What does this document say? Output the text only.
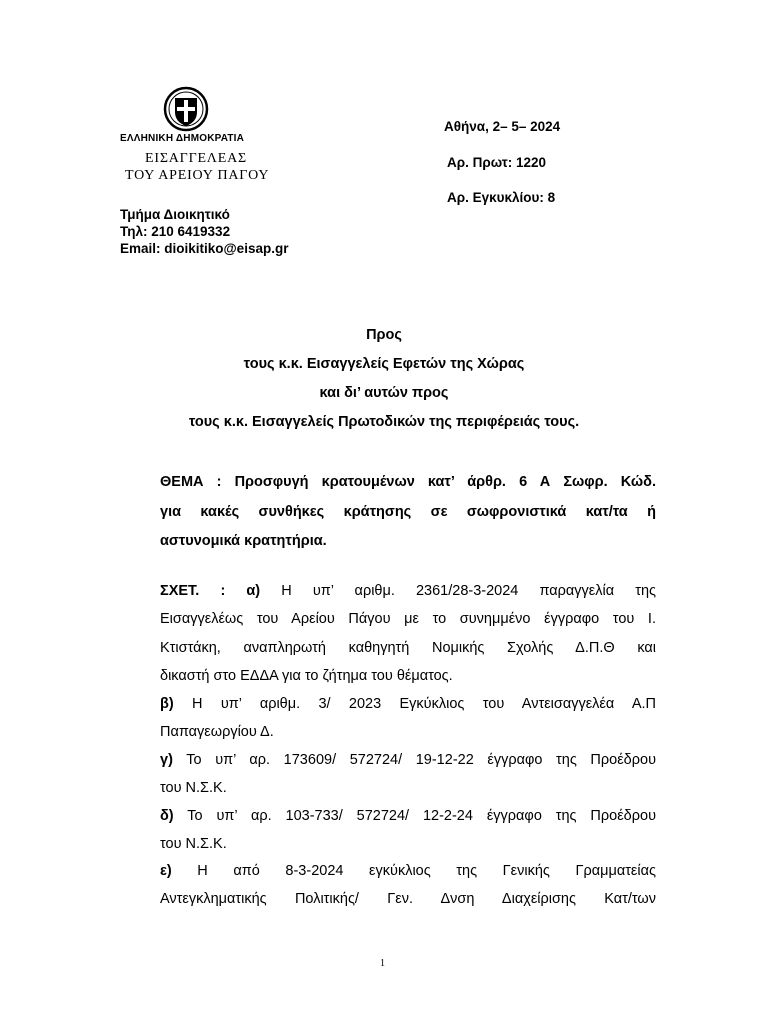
ΕΛΛΗΝΙΚΗ ΔΗΜΟΚΡΑΤΙΑ
ΕΙΣΑΓΓΕΛΕΑΣ
ΤΟΥ ΑΡΕΙΟΥ ΠΑΓΟΥ
Τμήμα Διοικητικό
Τηλ: 210 6419332
Email: dioikitiko@eisap.gr
Αθήνα, 2– 5– 2024
Αρ. Πρωτ: 1220
Αρ. Εγκυκλίου: 8
Προς
τους κ.κ. Εισαγγελείς Εφετών της Χώρας
και δι’ αυτών προς
τους κ.κ. Εισαγγελείς Πρωτοδικών της περιφέρειάς τους.
ΘΕΜΑ : Προσφυγή κρατουμένων κατ’ άρθρ. 6 Α Σωφρ. Κώδ.
για κακές συνθήκες κράτησης σε σωφρονιστικά κατ/τα ή
αστυνομικά κρατητήρια.
ΣΧΕΤ. : α) Η υπ’ αριθμ. 2361/28-3-2024 παραγγελία της
Εισαγγελέως του Αρείου Πάγου με το συνημμένο έγγραφο του Ι.
Κτιστάκη, αναπληρωτή καθηγητή Νομικής Σχολής Δ.Π.Θ και
δικαστή στο ΕΔΔΑ για το ζήτημα του θέματος.
β) Η υπ’ αριθμ. 3/ 2023 Εγκύκλιος του Αντεισαγγελέα Α.Π
Παπαγεωργίου Δ.
γ) Το υπ’ αρ. 173609/ 572724/ 19-12-22 έγγραφο της Προέδρου
του Ν.Σ.Κ.
δ) Το υπ’ αρ. 103-733/ 572724/ 12-2-24 έγγραφο της Προέδρου
του Ν.Σ.Κ.
ε) Η από 8-3-2024 εγκύκλιος της Γενικής Γραμματείας
Αντεγκληματικής Πολιτικής/ Γεν. Δνση Διαχείρισης Κατ/των
1
